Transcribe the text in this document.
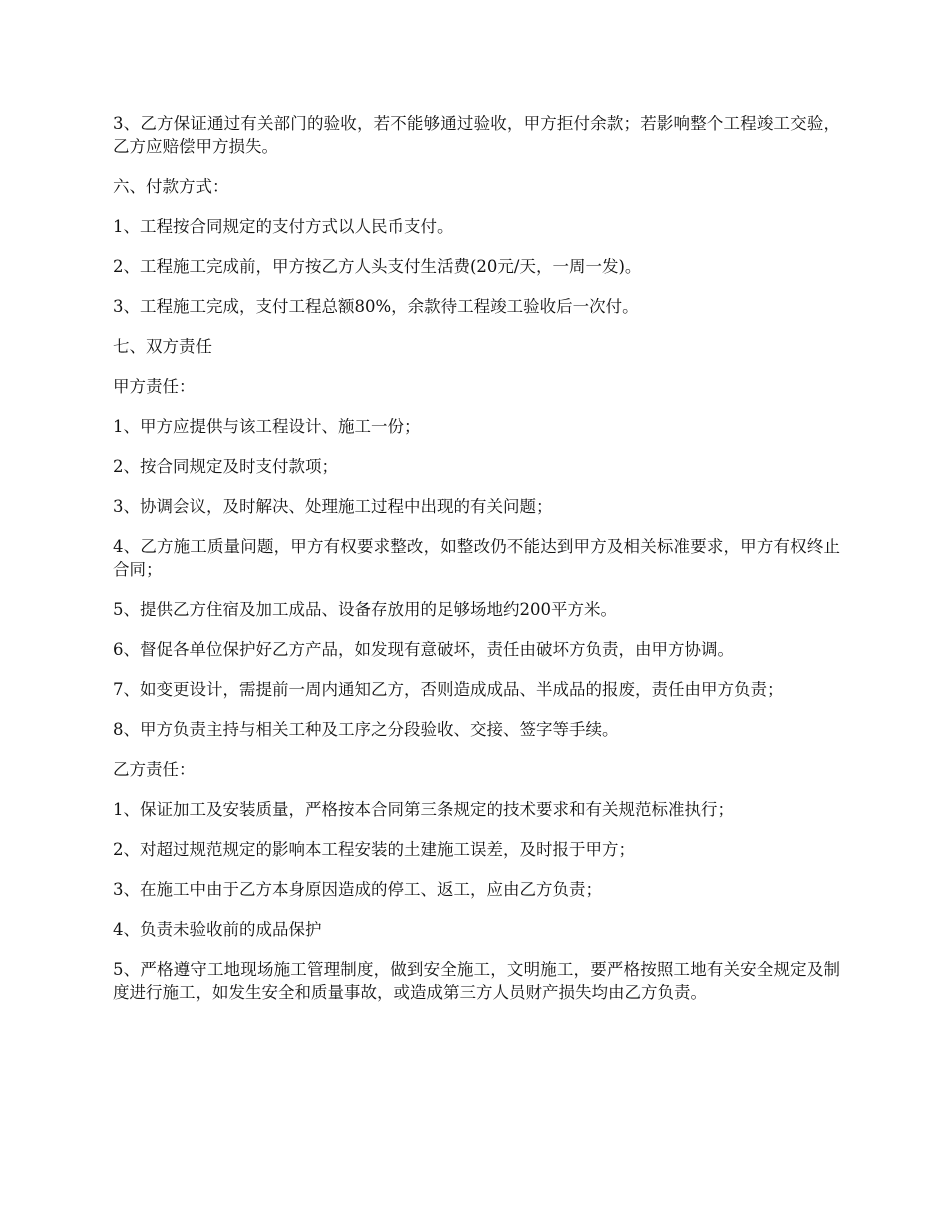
3、乙方保证通过有关部门的验收，若不能够通过验收，甲方拒付余款；若影响整个工程竣工交验，乙方应赔偿甲方损失。

六、付款方式：

1、工程按合同规定的支付方式以人民币支付。

2、工程施工完成前，甲方按乙方人头支付生活费(20元/天，一周一发)。

3、工程施工完成，支付工程总额80%，余款待工程竣工验收后一次付。

七、双方责任

甲方责任：

1、甲方应提供与该工程设计、施工一份；

2、按合同规定及时支付款项；

3、协调会议，及时解决、处理施工过程中出现的有关问题；

4、乙方施工质量问题，甲方有权要求整改，如整改仍不能达到甲方及相关标准要求，甲方有权终止合同；

5、提供乙方住宿及加工成品、设备存放用的足够场地约200平方米。

6、督促各单位保护好乙方产品，如发现有意破坏，责任由破坏方负责，由甲方协调。

7、如变更设计，需提前一周内通知乙方，否则造成成品、半成品的报废，责任由甲方负责；

8、甲方负责主持与相关工种及工序之分段验收、交接、签字等手续。

乙方责任：

1、保证加工及安装质量，严格按本合同第三条规定的技术要求和有关规范标准执行；

2、对超过规范规定的影响本工程安装的土建施工误差，及时报于甲方；

3、在施工中由于乙方本身原因造成的停工、返工，应由乙方负责；

4、负责未验收前的成品保护

5、严格遵守工地现场施工管理制度，做到安全施工，文明施工，要严格按照工地有关安全规定及制度进行施工，如发生安全和质量事故，或造成第三方人员财产损失均由乙方负责。
